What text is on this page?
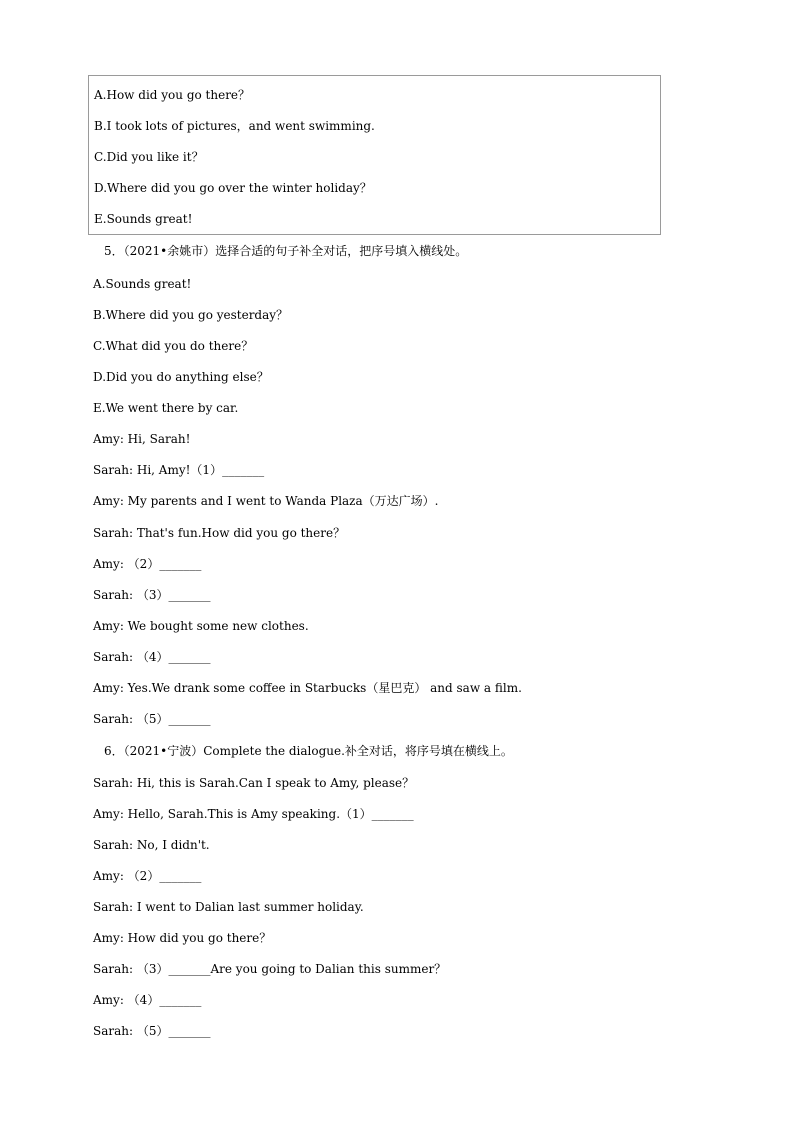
A.How did you go there？
B.I took lots of pictures，and went swimming.
C.Did you like it？
D.Where did you go over the winter holiday？
E.Sounds great!
5．（2021•余姚市）选择合适的句子补全对话，把序号填入横线处。
A.Sounds great!
B.Where did you go yesterday？
C.What did you do there？
D.Did you do anything else？
E.We went there by car.
Amy: Hi, Sarah!
Sarah: Hi, Amy!（1）_______
Amy: My parents and I went to Wanda Plaza（万达广场）.
Sarah: That's fun.How did you go there？
Amy: （2）_______
Sarah: （3）_______
Amy: We bought some new clothes.
Sarah: （4）_______
Amy: Yes.We drank some coffee in Starbucks（星巴克） and saw a film.
Sarah: （5）_______
6．（2021•宁波）Complete the dialogue.补全对话，将序号填在横线上。
Sarah: Hi, this is Sarah.Can I speak to Amy, please？
Amy: Hello, Sarah.This is Amy speaking.（1）_______
Sarah: No, I didn't.
Amy: （2）_______
Sarah: I went to Dalian last summer holiday.
Amy: How did you go there？
Sarah: （3）_______Are you going to Dalian this summer？
Amy: （4）_______
Sarah: （5）_______
